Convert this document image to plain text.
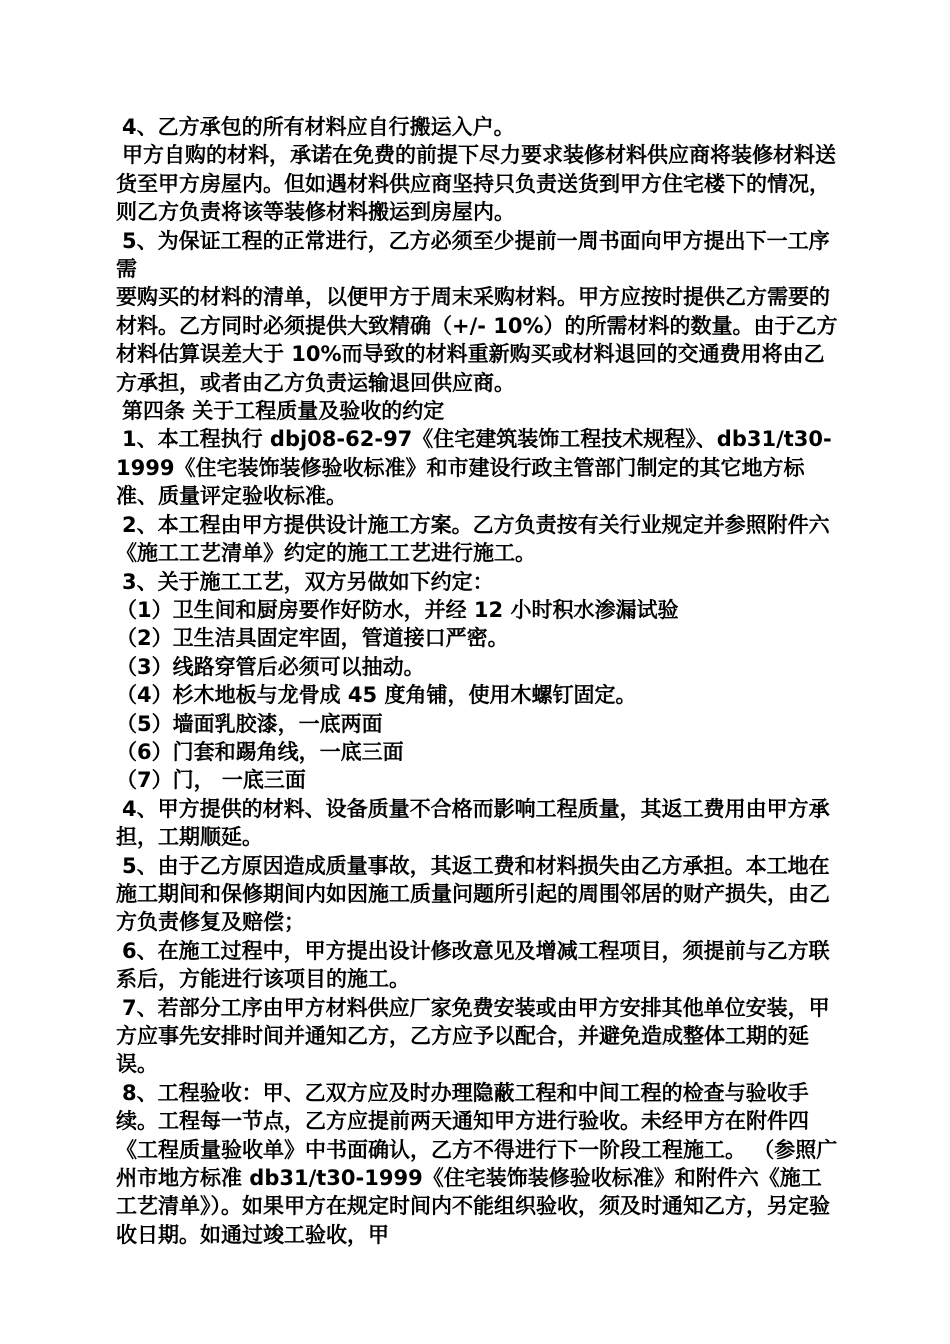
4、乙方承包的所有材料应自行搬运入户。

甲方自购的材料，承诺在免费的前提下尽力要求装修材料供应商将装修材料送货至甲方房屋内。但如遇材料供应商坚持只负责送货到甲方住宅楼下的情况，则乙方负责将该等装修材料搬运到房屋内。

5、为保证工程的正常进行，乙方必须至少提前一周书面向甲方提出下一工序需

要购买的材料的清单，以便甲方于周末采购材料。甲方应按时提供乙方需要的材料。乙方同时必须提供大致精确（+/- 10%）的所需材料的数量。由于乙方材料估算误差大于 10%而导致的材料重新购买或材料退回的交通费用将由乙方承担，或者由乙方负责运输退回供应商。

第四条 关于工程质量及验收的约定

1、本工程执行 dbj08-62-97《住宅建筑装饰工程技术规程》、db31/t30-1999《住宅装饰装修验收标准》和市建设行政主管部门制定的其它地方标准、质量评定验收标准。

2、本工程由甲方提供设计施工方案。乙方负责按有关行业规定并参照附件六《施工工艺清单》约定的施工工艺进行施工。

3、关于施工工艺，双方另做如下约定：

（1）卫生间和厨房要作好防水，并经 12 小时积水渗漏试验

（2）卫生洁具固定牢固，管道接口严密。

（3）线路穿管后必须可以抽动。

（4）杉木地板与龙骨成 45 度角铺，使用木螺钉固定。

（5）墙面乳胶漆，一底两面

（6）门套和踢角线，一底三面

（7）门， 一底三面

4、甲方提供的材料、设备质量不合格而影响工程质量，其返工费用由甲方承担，工期顺延。

5、由于乙方原因造成质量事故，其返工费和材料损失由乙方承担。本工地在施工期间和保修期间内如因施工质量问题所引起的周围邻居的财产损失，由乙方负责修复及赔偿；

6、在施工过程中，甲方提出设计修改意见及增减工程项目，须提前与乙方联系后，方能进行该项目的施工。

7、若部分工序由甲方材料供应厂家免费安装或由甲方安排其他单位安装，甲方应事先安排时间并通知乙方，乙方应予以配合，并避免造成整体工期的延误。

8、工程验收：甲、乙双方应及时办理隐蔽工程和中间工程的检查与验收手续。工程每一节点，乙方应提前两天通知甲方进行验收。未经甲方在附件四《工程质量验收单》中书面确认，乙方不得进行下一阶段工程施工。 （参照广州市地方标准 db31/t30-1999《住宅装饰装修验收标准》和附件六《施工工艺清单》）。如果甲方在规定时间内不能组织验收，须及时通知乙方，另定验收日期。如通过竣工验收，甲
